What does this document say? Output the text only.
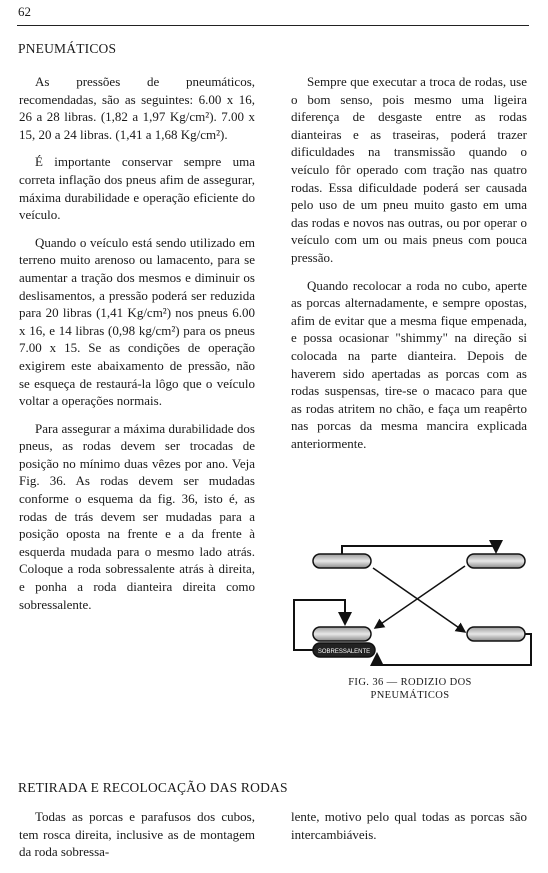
62
PNEUMÁTICOS

As pressões de pneumáticos, recomendadas, são as seguintes: 6.00 x 16, 26 a 28 libras. (1,82 a 1,97 Kg/cm²). 7.00 x 15, 20 a 24 libras. (1,41 a 1,68 Kg/cm²).

É importante conservar sempre uma correta inflação dos pneus afim de assegurar, máxima durabilidade e operação eficiente do veículo.

Quando o veículo está sendo utilizado em terreno muito arenoso ou lamacento, para se aumentar a tração dos mesmos e diminuir os deslisamentos, a pressão poderá ser reduzida para 20 libras (1,41 Kg/cm²) nos pneus 6.00 x 16, e 14 libras (0,98 kg/cm²) para os pneus 7.00 x 15. Se as condições de operação exigirem este abaixamento de pressão, não se esqueça de restaurá-la lôgo que o veículo voltar a operações normais.

Para assegurar a máxima durabilidade dos pneus, as rodas devem ser trocadas de posição no mínimo duas vêzes por ano. Veja Fig. 36. As rodas devem ser mudadas conforme o esquema da fig. 36, isto é, as rodas de trás devem ser mudadas para a posição oposta na frente e a da frente à esquerda mudada para o mesmo lado atrás. Coloque a roda sobressalente atrás à direita, e ponha a roda dianteira direita como sobressalente.

Sempre que executar a troca de rodas, use o bom senso, pois mesmo uma ligeira diferença de desgaste entre as rodas dianteiras e as traseiras, poderá trazer dificuldades na transmissão quando o veículo fôr operado com tração nas quatro rodas. Essa dificuldade poderá ser causada pelo uso de um pneu muito gasto em uma das rodas e novos nas outras, ou por operar o veículo com um ou mais pneus com pouca pressão.

Quando recolocar a roda no cubo, aperte as porcas alternadamente, e sempre opostas, afim de evitar que a mesma fique empenada, e possa ocasionar "shimmy" na direção si colocada na parte dianteira. Depois de haverem sido apertadas as porcas com as rodas suspensas, tire-se o macaco para que as rodas atritem no chão, e faça um reapêrto nas porcas da mesma mancira explicada anteriormente.

SOBRESSALENTE
FIG. 36 — RODIZIO DOS
PNEUMÁTICOS
RETIRADA E RECOLOCAÇÃO DAS RODAS

Todas as porcas e parafusos dos cubos, tem rosca direita, inclusive as de montagem da roda sobressa-

lente, motivo pelo qual todas as porcas são intercambiáveis.
